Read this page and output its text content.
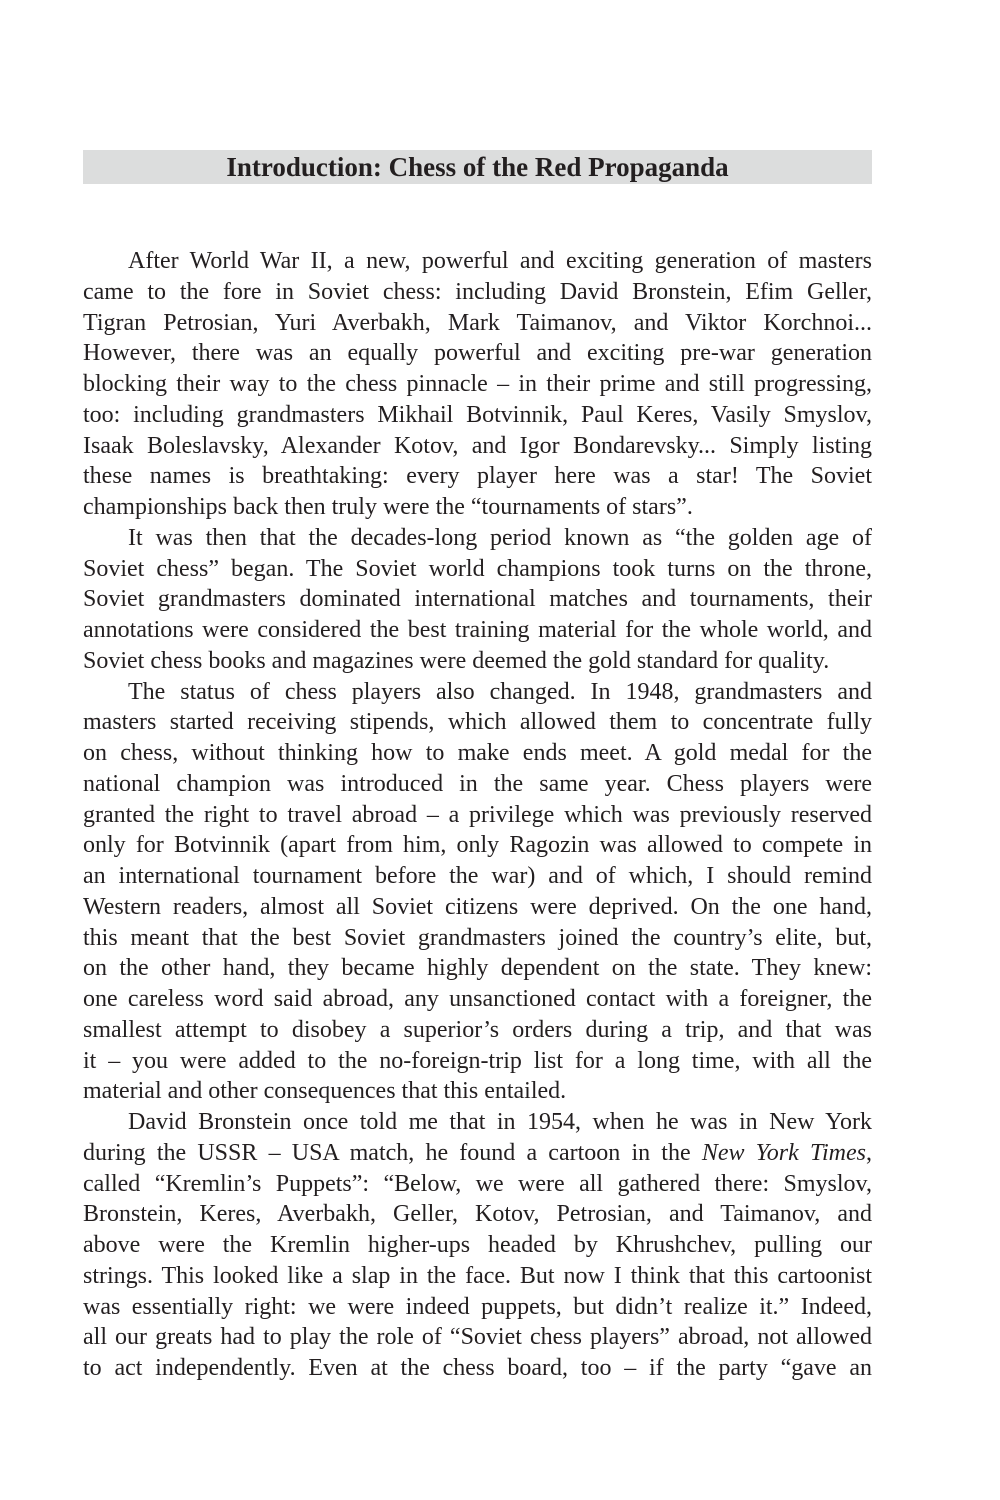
Introduction: Chess of the Red Propaganda
After World War II, a new, powerful and exciting generation of masters
came to the fore in Soviet chess: including David Bronstein, Efim Geller,
Tigran Petrosian, Yuri Averbakh, Mark Taimanov, and Viktor Korchnoi...
However, there was an equally powerful and exciting pre-war generation
blocking their way to the chess pinnacle – in their prime and still progressing,
too: including grandmasters Mikhail Botvinnik, Paul Keres, Vasily Smyslov,
Isaak Boleslavsky, Alexander Kotov, and Igor Bondarevsky... Simply listing
these names is breathtaking: every player here was a star! The Soviet
championships back then truly were the “tournaments of stars”.
It was then that the decades-long period known as “the golden age of
Soviet chess” began. The Soviet world champions took turns on the throne,
Soviet grandmasters dominated international matches and tournaments, their
annotations were considered the best training material for the whole world, and
Soviet chess books and magazines were deemed the gold standard for quality.
The status of chess players also changed. In 1948, grandmasters and
masters started receiving stipends, which allowed them to concentrate fully
on chess, without thinking how to make ends meet. A gold medal for the
national champion was introduced in the same year. Chess players were
granted the right to travel abroad – a privilege which was previously reserved
only for Botvinnik (apart from him, only Ragozin was allowed to compete in
an international tournament before the war) and of which, I should remind
Western readers, almost all Soviet citizens were deprived. On the one hand,
this meant that the best Soviet grandmasters joined the country’s elite, but,
on the other hand, they became highly dependent on the state. They knew:
one careless word said abroad, any unsanctioned contact with a foreigner, the
smallest attempt to disobey a superior’s orders during a trip, and that was
it – you were added to the no-foreign-trip list for a long time, with all the
material and other consequences that this entailed.
David Bronstein once told me that in 1954, when he was in New York
during the USSR – USA match, he found a cartoon in the New York Times,
called “Kremlin’s Puppets”: “Below, we were all gathered there: Smyslov,
Bronstein, Keres, Averbakh, Geller, Kotov, Petrosian, and Taimanov, and
above were the Kremlin higher-ups headed by Khrushchev, pulling our
strings. This looked like a slap in the face. But now I think that this cartoonist
was essentially right: we were indeed puppets, but didn’t realize it.” Indeed,
all our greats had to play the role of “Soviet chess players” abroad, not allowed
to act independently. Even at the chess board, too – if the party “gave an
